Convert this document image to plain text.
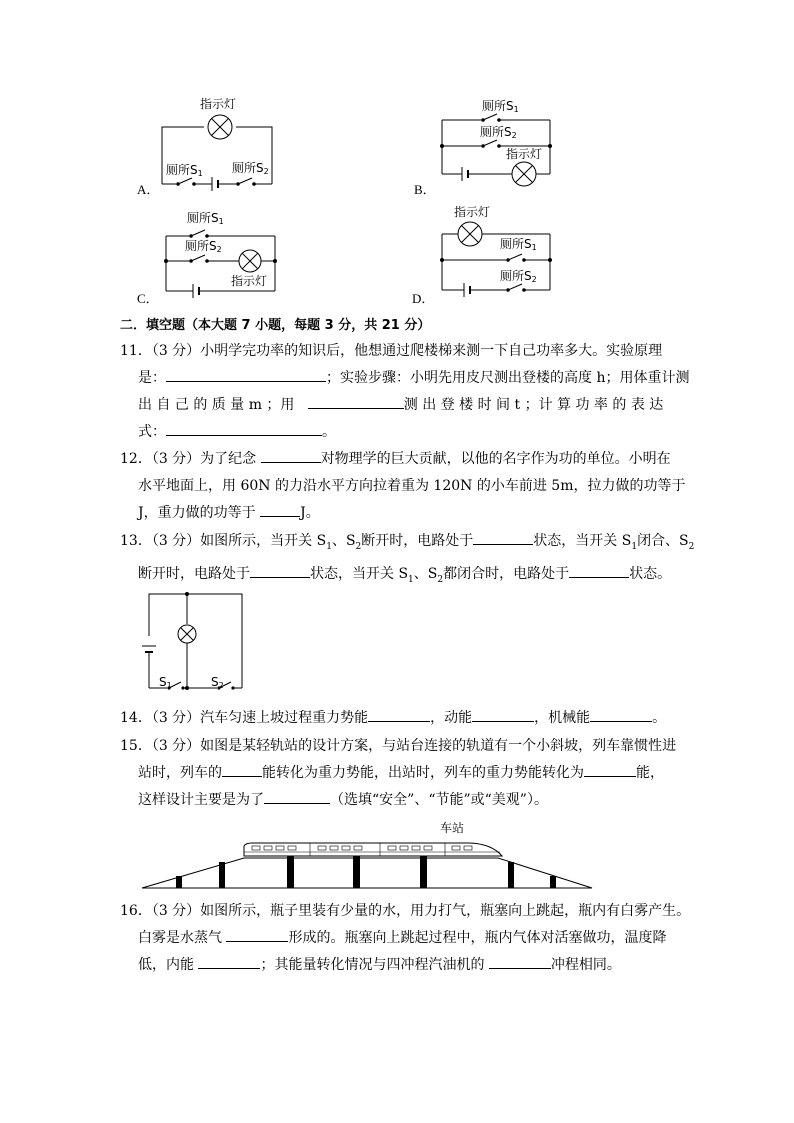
指示灯
厕所S1 厕所S2
A．
厕所S1
厕所S2
指示灯
B．
厕所S1
厕所S2
指示灯
C．
指示灯
厕所S1
厕所S2
D．
二．填空题（本大题 7 小题，每题 3 分，共 21 分）

11．（3 分）小明学完功率的知识后，他想通过爬楼梯来测一下自己功率多大。实验原理

是：	；实验步骤：小明先用皮尺测出登楼的高度 h；用体重计测

出 自 己 的 质 量 m ；用	测 出 登 楼 时 间 t ；计 算 功 率 的 表 达

式：	。

12．（3 分）为了纪念	对物理学的巨大贡献，以他的名字作为功的单位。小明在

水平地面上，用 60N 的力沿水平方向拉着重为 120N 的小车前进 5m，拉力做的功等于

J，重力做的功等于	J。

13．（3 分）如图所示，当开关 $S_1$、$S_2$断开时，电路处于	状态，当开关 $S_1$闭合、$S_2$

断开时，电路处于	状态，当开关 $S_1$、$S_2$都闭合时，电路处于	状态。

S1	S2

14．（3 分）汽车匀速上坡过程重力势能	，动能	，机械能	。

15．（3 分）如图是某轻轨站的设计方案，与站台连接的轨道有一个小斜坡，列车靠惯性进

站时，列车的	能转化为重力势能，出站时，列车的重力势能转化为	能，

这样设计主要是为了	（选填“安全”、“节能”或“美观”）。

车站

16．（3 分）如图所示，瓶子里装有少量的水，用力打气，瓶塞向上跳起，瓶内有白雾产生。

白雾是水蒸气	形成的。瓶塞向上跳起过程中，瓶内气体对活塞做功，温度降

低，内能	；其能量转化情况与四冲程汽油机的	冲程相同。
